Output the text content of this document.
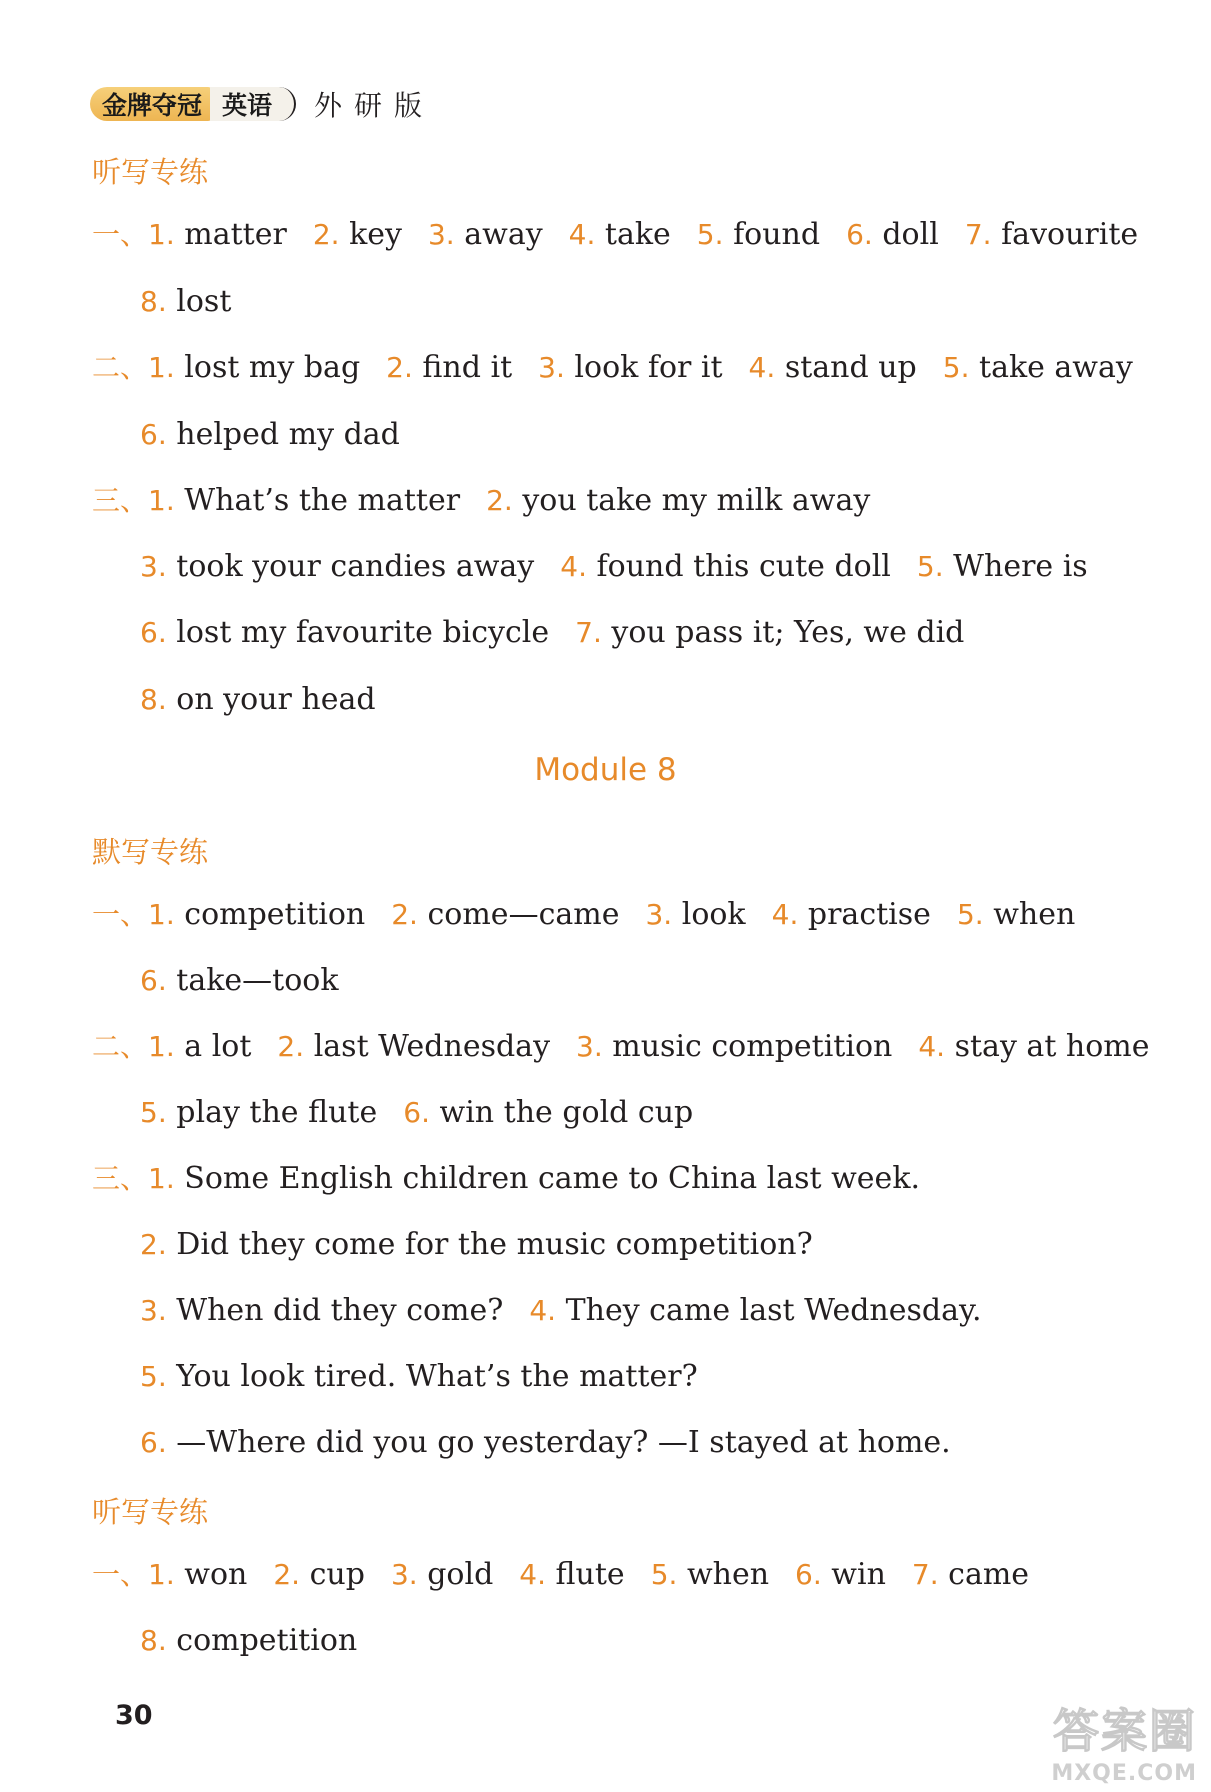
金牌夺冠 英语	外研版
听写专练
Module 8
默写专练
听写专练
一、1. matter 2. key 3. away 4. take 5. found 6. doll 7. favourite
8. lost
二、1. lost my bag 2. find it 3. look for it 4. stand up 5. take away
6. helped my dad
三、1. What’s the matter 2. you take my milk away
3. took your candies away 4. found this cute doll 5. Where is
6. lost my favourite bicycle 7. you pass it; Yes, we did
8. on your head
一、1. competition 2. come—came 3. look 4. practise 5. when
6. take—took
二、1. a lot 2. last Wednesday 3. music competition 4. stay at home
5. play the flute 6. win the gold cup
三、1. Some English children came to China last week.
2. Did they come for the music competition?
3. When did they come? 4. They came last Wednesday.
5. You look tired. What’s the matter?
6. —Where did you go yesterday? —I stayed at home.
一、1. won 2. cup 3. gold 4. flute 5. when 6. win 7. came
8. competition
30	答案圈
MXQE.COM
